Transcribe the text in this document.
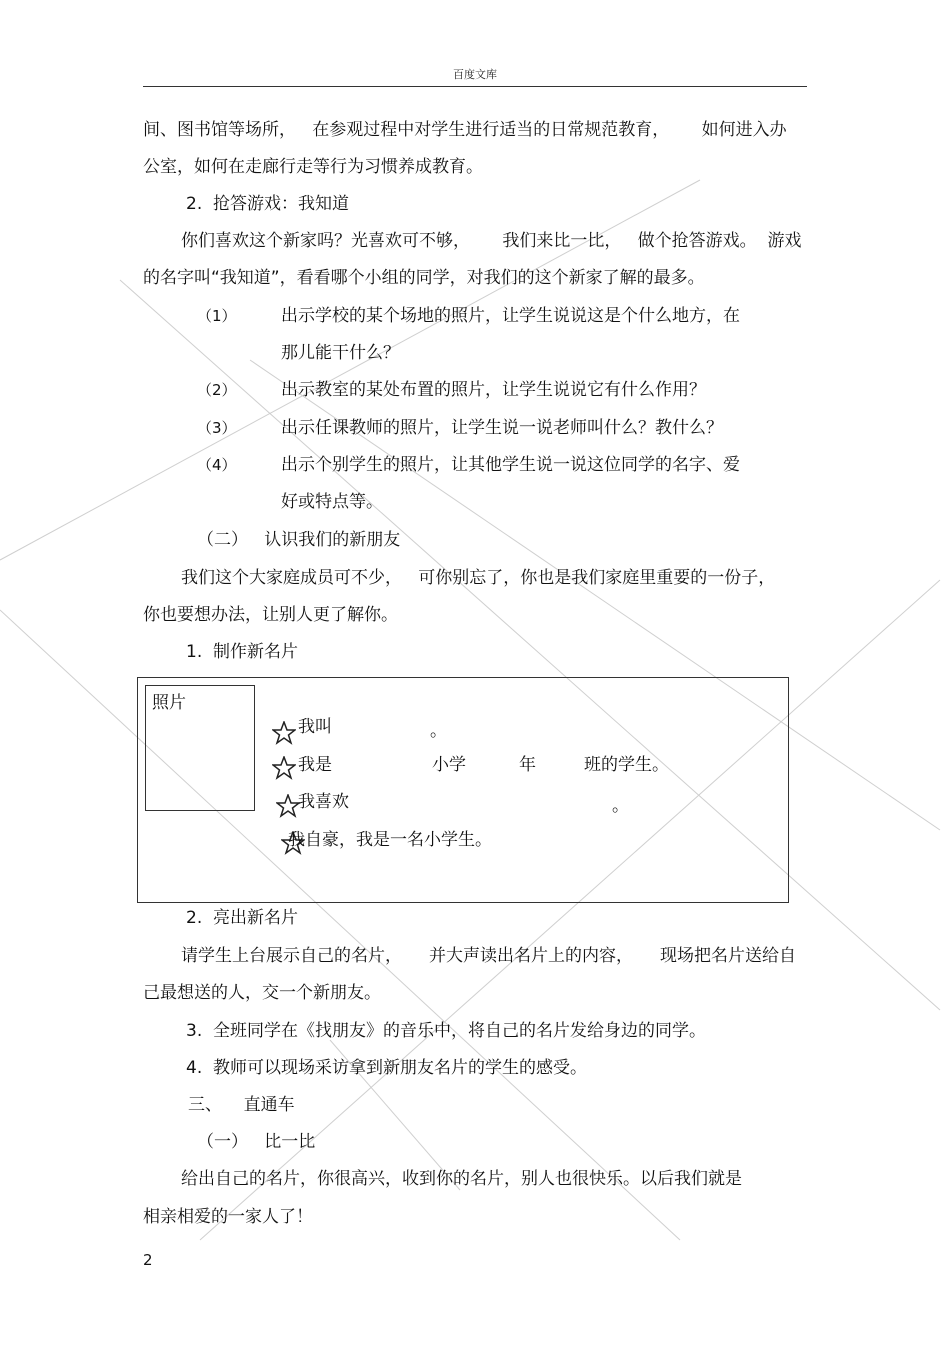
百度文库
间、图书馆等场所，   在参观过程中对学生进行适当的日常规范教育，      如何进入办
公室，如何在走廊行走等行为习惯养成教育。
2.  抢答游戏：我知道
你们喜欢这个新家吗？光喜欢可不够，      我们来比一比，   做个抢答游戏。  游戏
的名字叫“我知道”，看看哪个小组的同学，对我们的这个新家了解的最多。
（1）	出示学校的某个场地的照片，让学生说说这是个什么地方，在
那儿能干什么？
（2）	出示教室的某处布置的照片，让学生说说它有什么作用？
（3）	出示任课教师的照片，让学生说一说老师叫什么？教什么？
（4）	出示个别学生的照片，让其他学生说一说这位同学的名字、爱
好或特点等。
（二）   认识我们的新朋友
我们这个大家庭成员可不少，   可你别忘了，你也是我们家庭里重要的一份子，
你也要想办法，让别人更了解你。
1.  制作新名片
照片
我叫	。
我是	小学	年	班的学生。
我喜欢	。
我自豪，我是一名小学生。
2.  亮出新名片
请学生上台展示自己的名片，     并大声读出名片上的内容，     现场把名片送给自
己最想送的人，交一个新朋友。
3.  全班同学在《找朋友》的音乐中，将自己的名片发给身边的同学。
4.  教师可以现场采访拿到新朋友名片的学生的感受。
三、    直通车
（一）   比一比
给出自己的名片，你很高兴，收到你的名片，别人也很快乐。以后我们就是
相亲相爱的一家人了！
2
